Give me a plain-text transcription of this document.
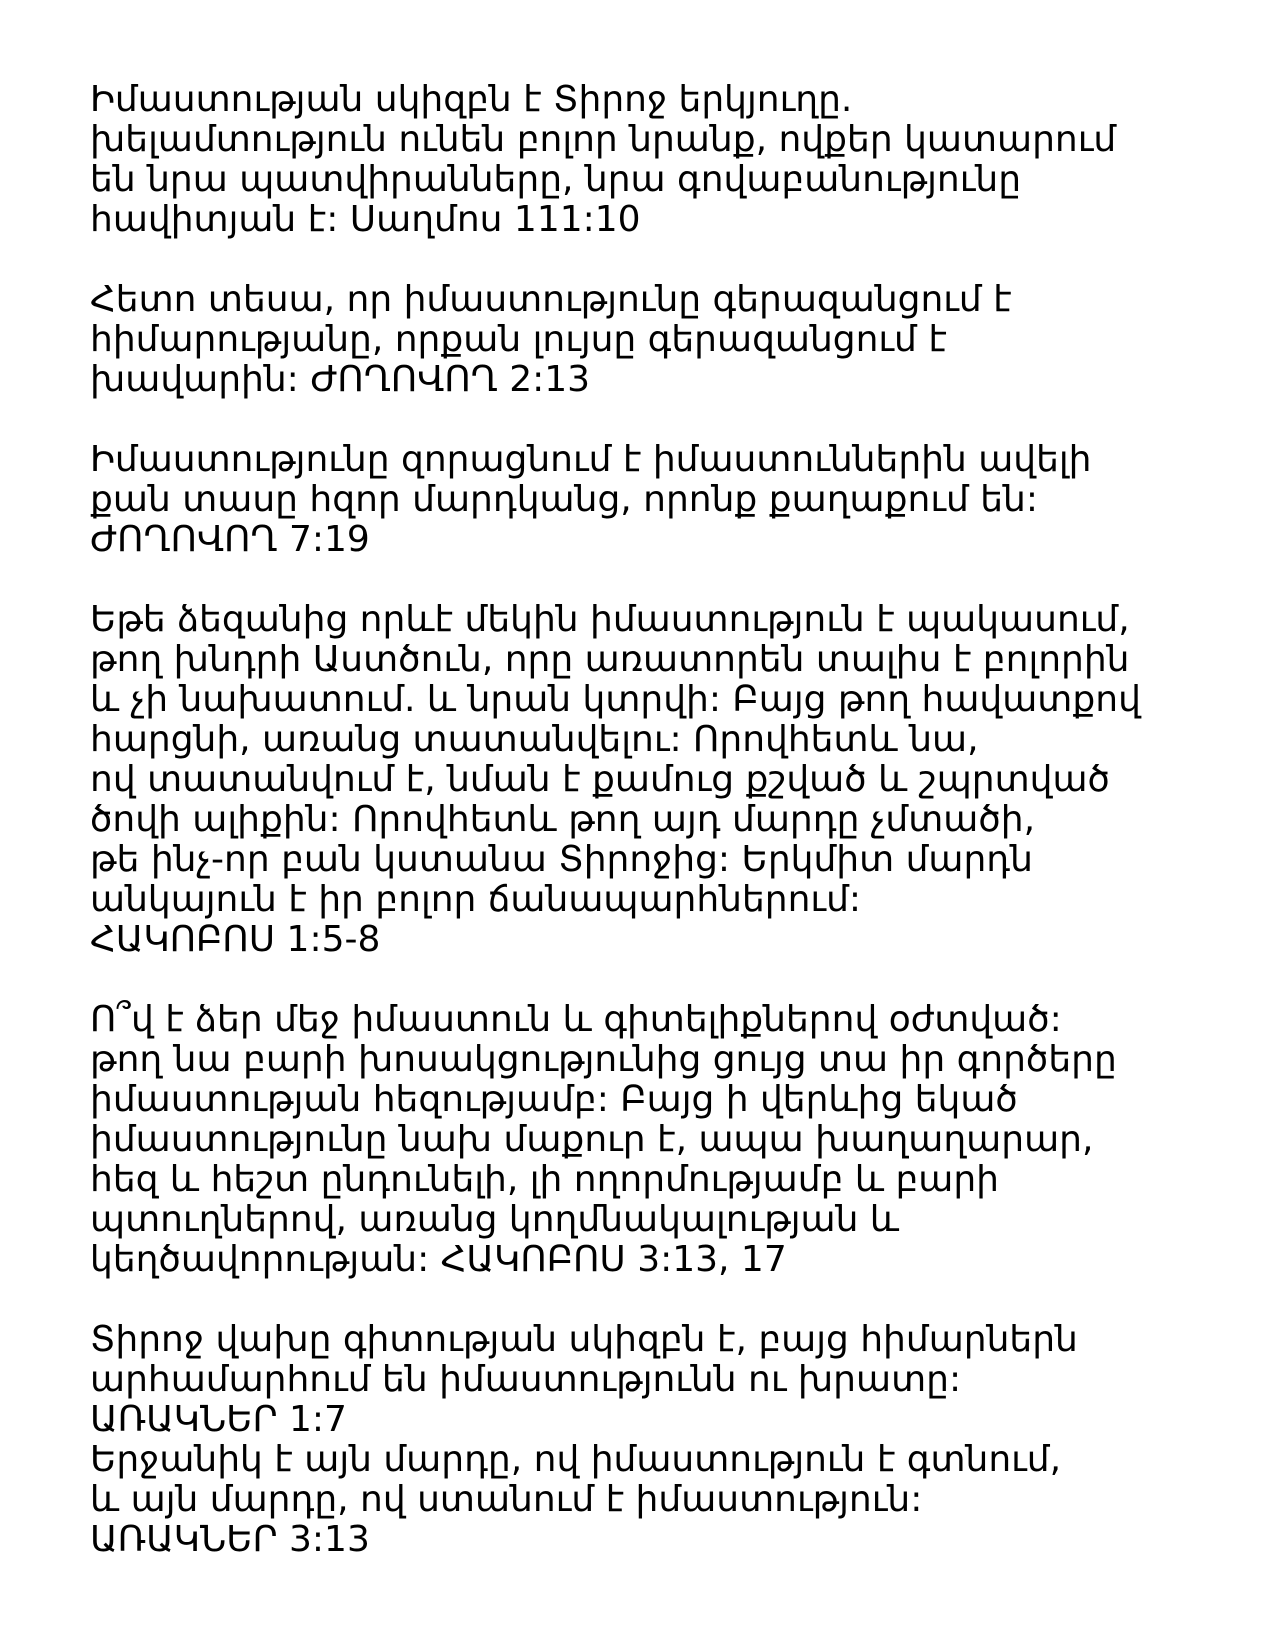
Իմաստության սկիզբն է Տիրոջ երկյուղը.
խելամտություն ունեն բոլոր նրանք, ովքեր կատարում
են նրա պատվիրանները, նրա գովաբանությունը
հավիտյան է: Սաղմոս 111:10
Հետո տեսա, որ իմաստությունը գերազանցում է
հիմարությանը, որքան լույսը գերազանցում է
խավարին: ԺՈՂՈՎՈՂ 2:13
Իմաստությունը զորացնում է իմաստուններին ավելի
քան տասը հզոր մարդկանց, որոնք քաղաքում են:
ԺՈՂՈՎՈՂ 7:19
Եթե ձեզանից որևէ մեկին իմաստություն է պակասում,
թող խնդրի Աստծուն, որը առատորեն տալիս է բոլորին
և չի նախատում. և նրան կտրվի: Բայց թող հավատքով
հարցնի, առանց տատանվելու: Որովհետև նա,
ով տատանվում է, նման է քամուց քշված և շպրտված
ծովի ալիքին: Որովհետև թող այդ մարդը չմտածի,
թե ինչ-որ բան կստանա Տիրոջից: Երկմիտ մարդն
անկայուն է իր բոլոր ճանապարհներում:
ՀԱԿՈԲՈՍ 1:5-8
Ո՞վ է ձեր մեջ իմաստուն և գիտելիքներով օժտված:
թող նա բարի խոսակցությունից ցույց տա իր գործերը
իմաստության հեզությամբ: Բայց ի վերևից եկած
իմաստությունը նախ մաքուր է, ապա խաղաղարար,
հեզ և հեշտ ընդունելի, լի ողորմությամբ և բարի
պտուղներով, առանց կողմնակալության և
կեղծավորության: ՀԱԿՈԲՈՍ 3:13, 17
Տիրոջ վախը գիտության սկիզբն է, բայց հիմարներն
արհամարհում են իմաստությունն ու խրատը:
ԱՌԱԿՆԵՐ 1:7
Երջանիկ է այն մարդը, ով իմաստություն է գտնում,
և այն մարդը, ով ստանում է իմաստություն:
ԱՌԱԿՆԵՐ 3:13
